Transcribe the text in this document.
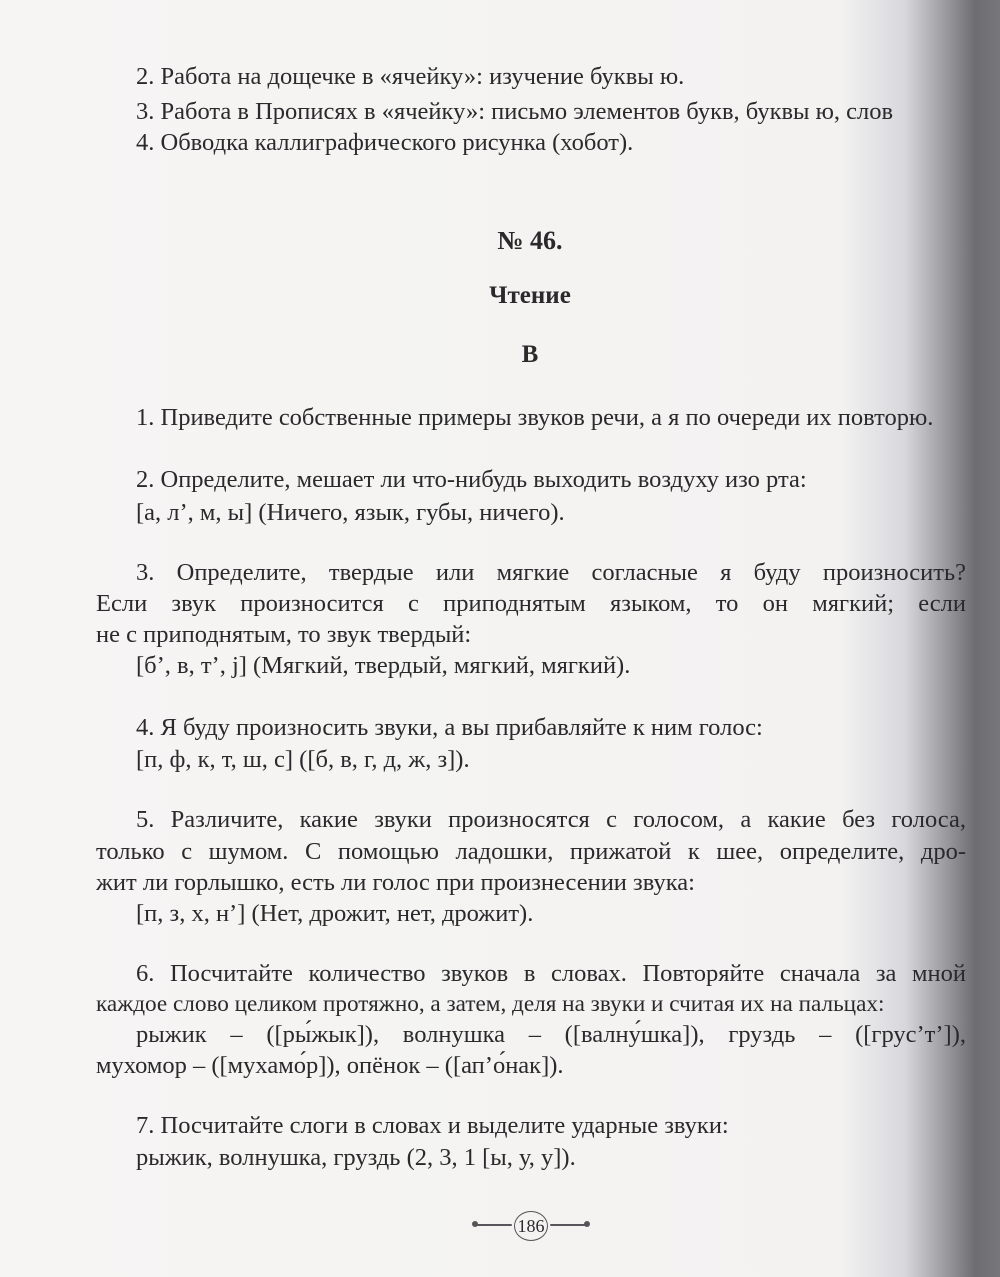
2. Работа на дощечке в «ячейку»: изучение буквы ю.
3. Работа в Прописях в «ячейку»: письмо элементов букв, буквы ю, слов
4. Обводка каллиграфического рисунка (хобот).
№ 46.
Чтение
В
1. Приведите собственные примеры звуков речи, а я по очереди их повторю.
2. Определите, мешает ли что-нибудь выходить воздуху изо рта:
[а, л’, м, ы] (Ничего, язык, губы, ничего).
3. Определите, твердые или мягкие согласные я буду произносить?
Если звук произносится с приподнятым языком, то он мягкий; если
не с приподнятым, то звук твердый:
[б’, в, т’, j] (Мягкий, твердый, мягкий, мягкий).
4. Я буду произносить звуки, а вы прибавляйте к ним голос:
[п, ф, к, т, ш, с] ([б, в, г, д, ж, з]).
5. Различите, какие звуки произносятся с голосом, а какие без голоса,
только с шумом. С помощью ладошки, прижатой к шее, определите, дро-
жит ли горлышко, есть ли голос при произнесении звука:
[п, з, х, н’] (Нет, дрожит, нет, дрожит).
6. Посчитайте количество звуков в словах. Повторяйте сначала за мной
каждое слово целиком протяжно, а затем, деля на звуки и считая их на пальцах:
рыжик – ([ры́жык]), волнушка – ([валну́шка]), груздь – ([грус’т’]),
мухомор – ([мухамо́р]), опёнок – ([ап’о́нак]).
7. Посчитайте слоги в словах и выделите ударные звуки:
рыжик, волнушка, груздь (2, 3, 1 [ы, у, у]).
186
